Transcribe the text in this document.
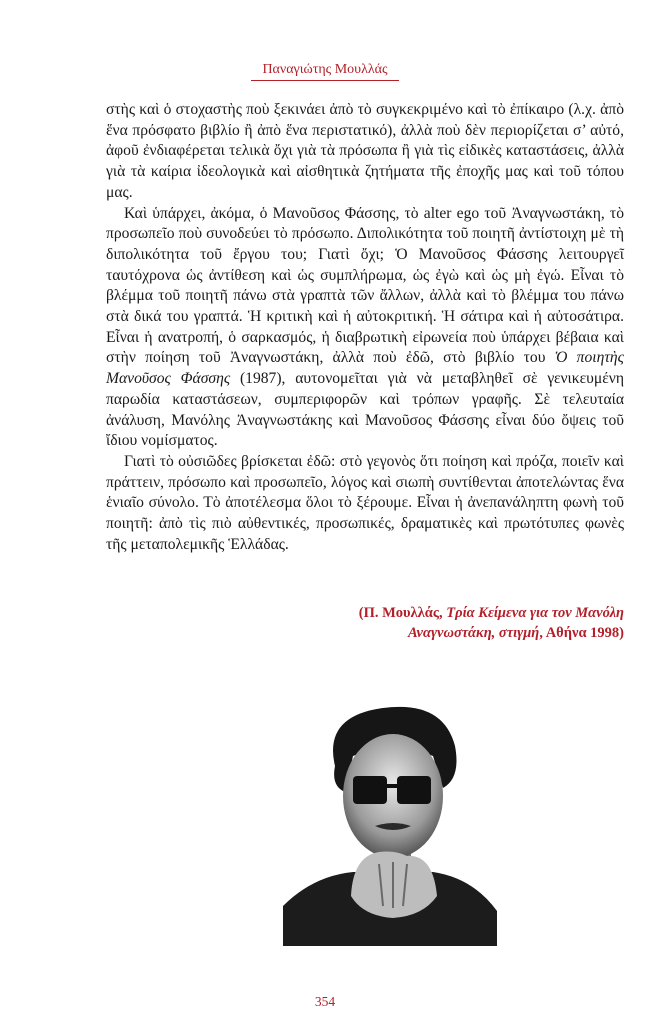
Παναγιώτης Μουλλάς

στὴς καὶ ὁ στοχαστὴς ποὺ ξεκινάει ἀπὸ τὸ συγκεκριμένο καὶ τὸ ἐπίκαιρο (λ.χ. ἀπὸ ἕνα πρόσφατο βιβλίο ἢ ἀπὸ ἕνα περιστατικό), ἀλλὰ ποὺ δὲν περιορίζεται σ’ αὐτό, ἀφοῦ ἐνδιαφέρεται τελικὰ ὄχι γιὰ τὰ πρόσωπα ἢ γιὰ τὶς εἰδικὲς καταστάσεις, ἀλλὰ γιὰ τὰ καίρια ἰδεολογικὰ καὶ αἰσθητικὰ ζητήματα τῆς ἐποχῆς μας καὶ τοῦ τόπου μας.

Καὶ ὑπάρχει, ἀκόμα, ὁ Μανοῦσος Φάσσης, τὸ alter ego τοῦ Ἀναγνωστάκη, τὸ προσωπεῖο ποὺ συνοδεύει τὸ πρόσωπο. Διπολικότητα τοῦ ποιητῆ ἀντίστοιχη μὲ τὴ διπολικότητα τοῦ ἔργου του; Γιατὶ ὄχι; Ὁ Μανοῦσος Φάσσης λειτουργεῖ ταυτόχρονα ὡς ἀντίθεση καὶ ὡς συμπλήρωμα, ὡς ἐγὼ καὶ ὡς μὴ ἐγώ. Εἶναι τὸ βλέμμα τοῦ ποιητῆ πάνω στὰ γραπτὰ τῶν ἄλλων, ἀλλὰ καὶ τὸ βλέμμα του πάνω στὰ δικά του γραπτά. Ἡ κριτικὴ καὶ ἡ αὐτοκριτική. Ἡ σάτιρα καὶ ἡ αὐτοσάτιρα. Εἶναι ἡ ανατροπή, ὁ σαρκασμός, ἡ διαβρωτικὴ εἰρωνεία ποὺ ὑπάρχει βέβαια καὶ στὴν ποίηση τοῦ Ἀναγνωστάκη, ἀλλὰ ποὺ ἐδῶ, στὸ βιβλίο του Ὁ ποιητὴς Μανοῦσος Φάσσης (1987), αυτονομεῖται γιὰ νὰ μεταβληθεῖ σὲ γενικευμένη παρωδία καταστάσεων, συμπεριφορῶν καὶ τρόπων γραφῆς. Σὲ τελευταία ἀνάλυση, Μανόλης Ἀναγνωστάκης καὶ Μανοῦσος Φάσσης εἶναι δύο ὄψεις τοῦ ἴδιου νομίσματος.

Γιατὶ τὸ οὐσιῶδες βρίσκεται ἐδῶ: στὸ γεγονὸς ὅτι ποίηση καὶ πρόζα, ποιεῖν καὶ πράττειν, πρόσωπο καὶ προσωπεῖο, λόγος καὶ σιωπὴ συντίθενται ἀποτελώντας ἕνα ἑνιαῖο σύνολο. Τὸ ἀποτέλεσμα ὅλοι τὸ ξέρουμε. Εἶναι ἡ ἀνεπανάληπτη φωνὴ τοῦ ποιητῆ: ἀπὸ τὶς πιὸ αὐθεντικές, προσωπικές, δραματικὲς καὶ πρωτότυπες φωνὲς τῆς μεταπολεμικῆς Ἑλλάδας.

(Π. Μουλλάς, Τρία Κείμενα για τον Μανόλη
Αναγνωστάκη, στιγμή, Αθήνα 1998)
354
